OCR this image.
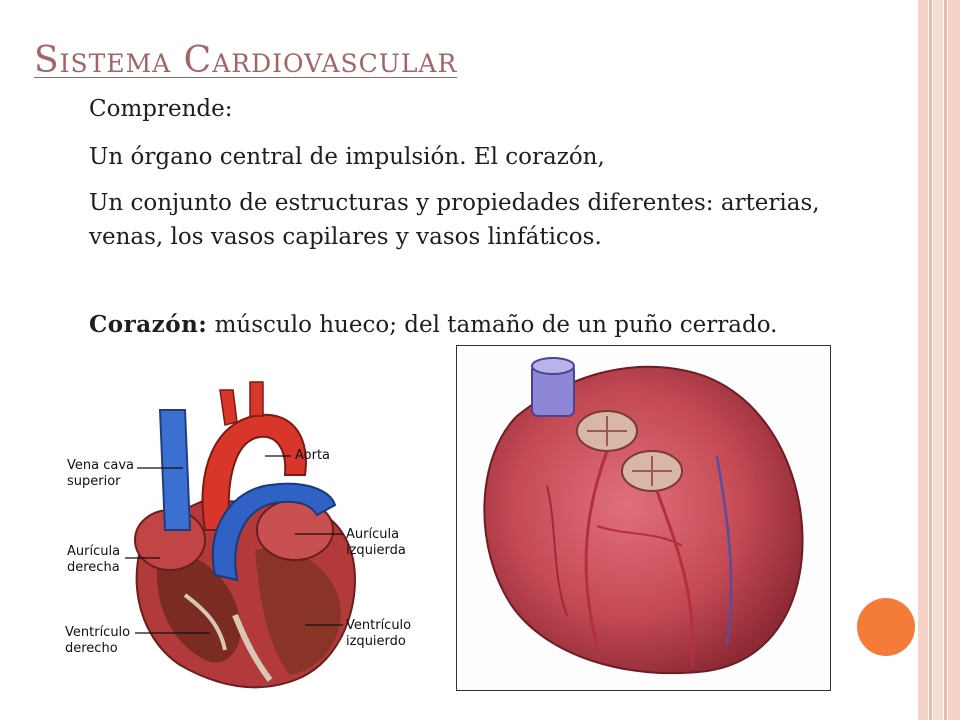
Sistema Cardiovascular

Comprende:

Un órgano central de impulsión. El corazón,

Un conjunto de estructuras y propiedades diferentes: arterias, venas, los vasos capilares y vasos linfáticos.

Corazón: músculo hueco; del tamaño de un puño cerrado.

Vena cava
superior
Aorta
Aurícula
derecha
Aurícula
izquierda
Ventrículo
derecho
Ventrículo
izquierdo
